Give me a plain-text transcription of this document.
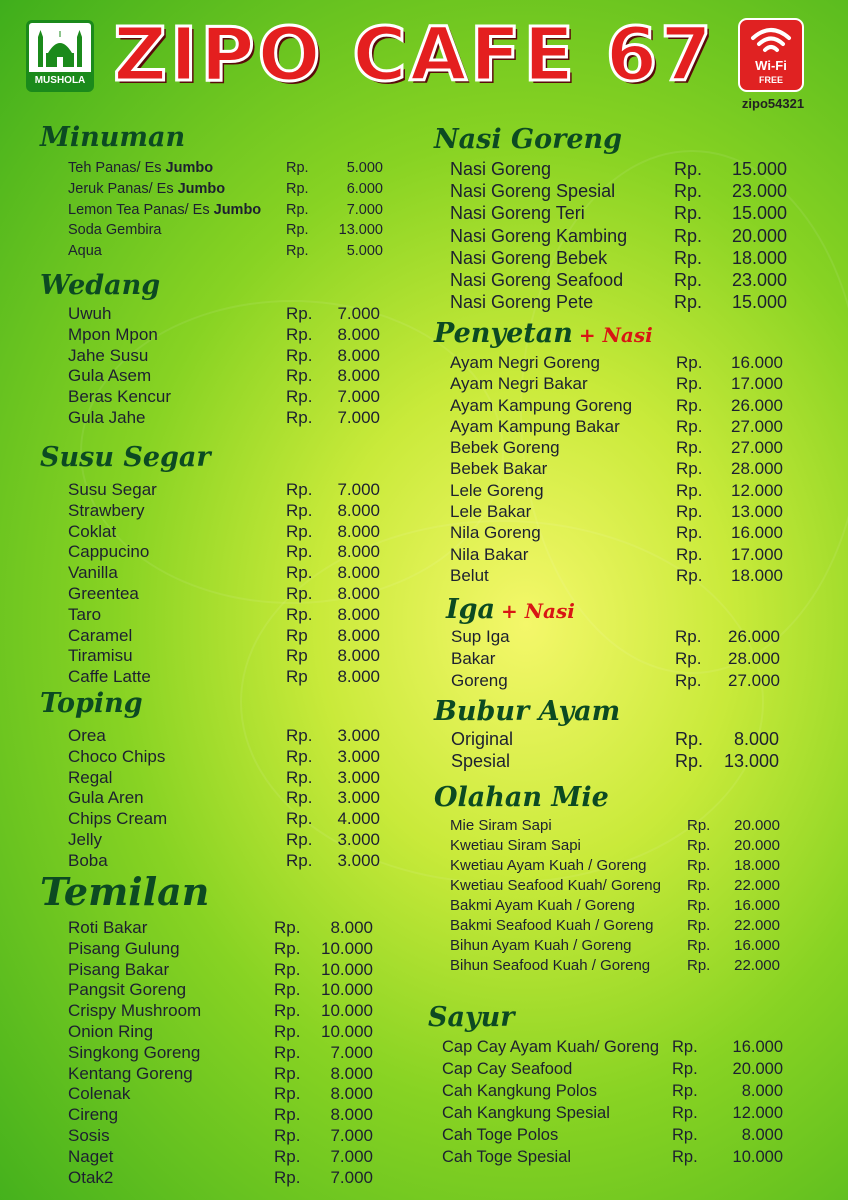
MUSHOLA ZIPO CAFE 67	Wi-Fi
FREE
zipo54321
Minuman
Teh Panas/ Es Jumbo	Rp.	5.000
Jeruk Panas/ Es Jumbo	Rp.	6.000
Lemon Tea Panas/ Es Jumbo Rp.	7.000
Soda Gembira	Rp.	13.000
Aqua	Rp.	5.000
Wedang
Uwuh	Rp.	7.000
Mpon Mpon	Rp.	8.000
Jahe Susu	Rp.	8.000
Gula Asem	Rp.	8.000
Beras Kencur	Rp.	7.000
Gula Jahe	Rp.	7.000
Susu Segar
Susu Segar	Rp.	7.000
Strawbery	Rp.	8.000
Coklat	Rp.	8.000
Cappucino	Rp.	8.000
Vanilla	Rp.	8.000
Greentea	Rp.	8.000
Taro	Rp.	8.000
Caramel	Rp	8.000
Tiramisu	Rp	8.000
Caffe Latte	Rp	8.000
Toping
Orea	Rp.	3.000
Choco Chips	Rp.	3.000
Regal	Rp.	3.000
Gula Aren	Rp.	3.000
Chips Cream	Rp.	4.000
Jelly	Rp.	3.000
Boba	Rp.	3.000
Temilan
Roti Bakar	Rp.	8.000
Pisang Gulung	Rp.	10.000
Pisang Bakar	Rp.	10.000
Pangsit Goreng	Rp.	10.000
Crispy Mushroom	Rp.	10.000
Onion Ring	Rp.	10.000
Singkong Goreng	Rp.	7.000
Kentang Goreng	Rp.	8.000
Colenak	Rp.	8.000
Cireng	Rp.	8.000
Sosis	Rp.	7.000
Naget	Rp.	7.000
Otak2	Rp.	7.000
Nasi Goreng
Nasi Goreng	Rp.	15.000
Nasi Goreng Spesial	Rp.	23.000
Nasi Goreng Teri	Rp.	15.000
Nasi Goreng Kambing	Rp.	20.000
Nasi Goreng Bebek	Rp.	18.000
Nasi Goreng Seafood	Rp.	23.000
Nasi Goreng Pete	Rp.	15.000
Penyetan + Nasi
Ayam Negri Goreng	Rp.	16.000
Ayam Negri Bakar	Rp.	17.000
Ayam Kampung Goreng	Rp.	26.000
Ayam Kampung Bakar	Rp.	27.000
Bebek Goreng	Rp.	27.000
Bebek Bakar	Rp.	28.000
Lele Goreng	Rp.	12.000
Lele Bakar	Rp.	13.000
Nila Goreng	Rp.	16.000
Nila Bakar	Rp.	17.000
Belut	Rp.	18.000
Iga + Nasi
Sup Iga	Rp.	26.000
Bakar	Rp.	28.000
Goreng	Rp.	27.000
Bubur Ayam
Original	Rp.	8.000
Spesial	Rp.	13.000
Olahan Mie
Mie Siram Sapi	Rp.	20.000
Kwetiau Siram Sapi	Rp.	20.000
Kwetiau Ayam Kuah / Goreng	Rp.	18.000
Kwetiau Seafood Kuah/ Goreng Rp.	22.000
Bakmi Ayam Kuah / Goreng	Rp.	16.000
Bakmi Seafood Kuah / Goreng Rp.	22.000
Bihun Ayam Kuah / Goreng	Rp.	16.000
Bihun Seafood Kuah / Goreng Rp.	22.000
Sayur
Cap Cay Ayam Kuah/ Goreng Rp.	16.000
Cap Cay Seafood	Rp.	20.000
Cah Kangkung Polos	Rp.	8.000
Cah Kangkung Spesial	Rp.	12.000
Cah Toge Polos	Rp.	8.000
Cah Toge Spesial	Rp.	10.000
